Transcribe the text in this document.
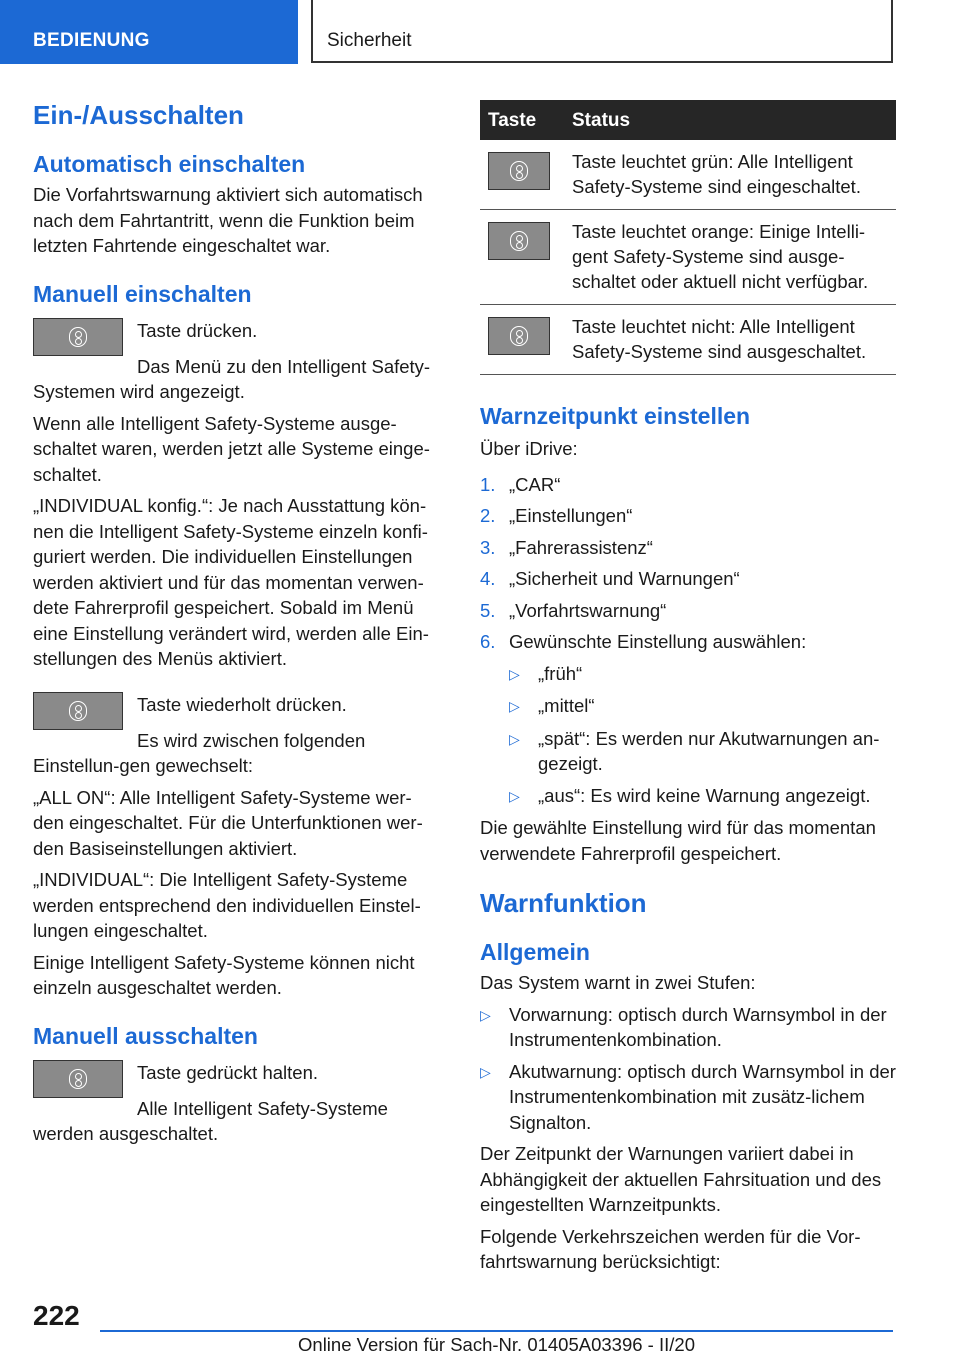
BEDIENUNG	Sicherheit
Ein-/Ausschalten
Automatisch einschalten

Die Vorfahrtswarnung aktiviert sich automatisch nach dem Fahrtantritt, wenn die Funktion beim letzten Fahrtende eingeschaltet war.

Manuell einschalten

Taste drücken.

Das Menü zu den Intelligent Safety-Systemen wird angezeigt.

Wenn alle Intelligent Safety-Systeme ausge-schaltet waren, werden jetzt alle Systeme einge-schaltet.

„INDIVIDUAL konfig.“: Je nach Ausstattung kön-nen die Intelligent Safety-Systeme einzeln konfi-guriert werden. Die individuellen Einstellungen werden aktiviert und für das momentan verwen-dete Fahrerprofil gespeichert. Sobald im Menü eine Einstellung verändert wird, werden alle Ein-stellungen des Menüs aktiviert.

Taste wiederholt drücken.

Es wird zwischen folgenden Einstellun-gen gewechselt:

„ALL ON“: Alle Intelligent Safety-Systeme wer-den eingeschaltet. Für die Unterfunktionen wer-den Basiseinstellungen aktiviert.

„INDIVIDUAL“: Die Intelligent Safety-Systeme werden entsprechend den individuellen Einstel-lungen eingeschaltet.

Einige Intelligent Safety-Systeme können nicht einzeln ausgeschaltet werden.

Manuell ausschalten

Taste gedrückt halten.

Alle Intelligent Safety-Systeme werden ausgeschaltet.

Taste	Status

	Taste leuchtet grün: Alle Intelligent Safety-Systeme sind eingeschaltet.

	Taste leuchtet orange: Einige Intelli-gent Safety-Systeme sind ausge-schaltet oder aktuell nicht verfügbar.

	Taste leuchtet nicht: Alle Intelligent Safety-Systeme sind ausgeschaltet.
Warnzeitpunkt einstellen

Über iDrive:

1. „CAR“
2. „Einstellungen“
3. „Fahrerassistenz“
4. „Sicherheit und Warnungen“
5. „Vorfahrtswarnung“
6. Gewünschte Einstellung auswählen:
▷ „früh“
▷ „mittel“
▷ „spät“: Es werden nur Akutwarnungen an-gezeigt.
▷ „aus“: Es wird keine Warnung angezeigt.

Die gewählte Einstellung wird für das momentan verwendete Fahrerprofil gespeichert.

Warnfunktion
Allgemein

Das System warnt in zwei Stufen:

▷ Vorwarnung: optisch durch Warnsymbol in der Instrumentenkombination.
▷ Akutwarnung: optisch durch Warnsymbol in der Instrumentenkombination mit zusätz-lichem Signalton.

Der Zeitpunkt der Warnungen variiert dabei in Abhängigkeit der aktuellen Fahrsituation und des eingestellten Warnzeitpunkts.

Folgende Verkehrszeichen werden für die Vor-fahrtswarnung berücksichtigt:

222
Online Version für Sach-Nr. 01405A03396 - II/20
